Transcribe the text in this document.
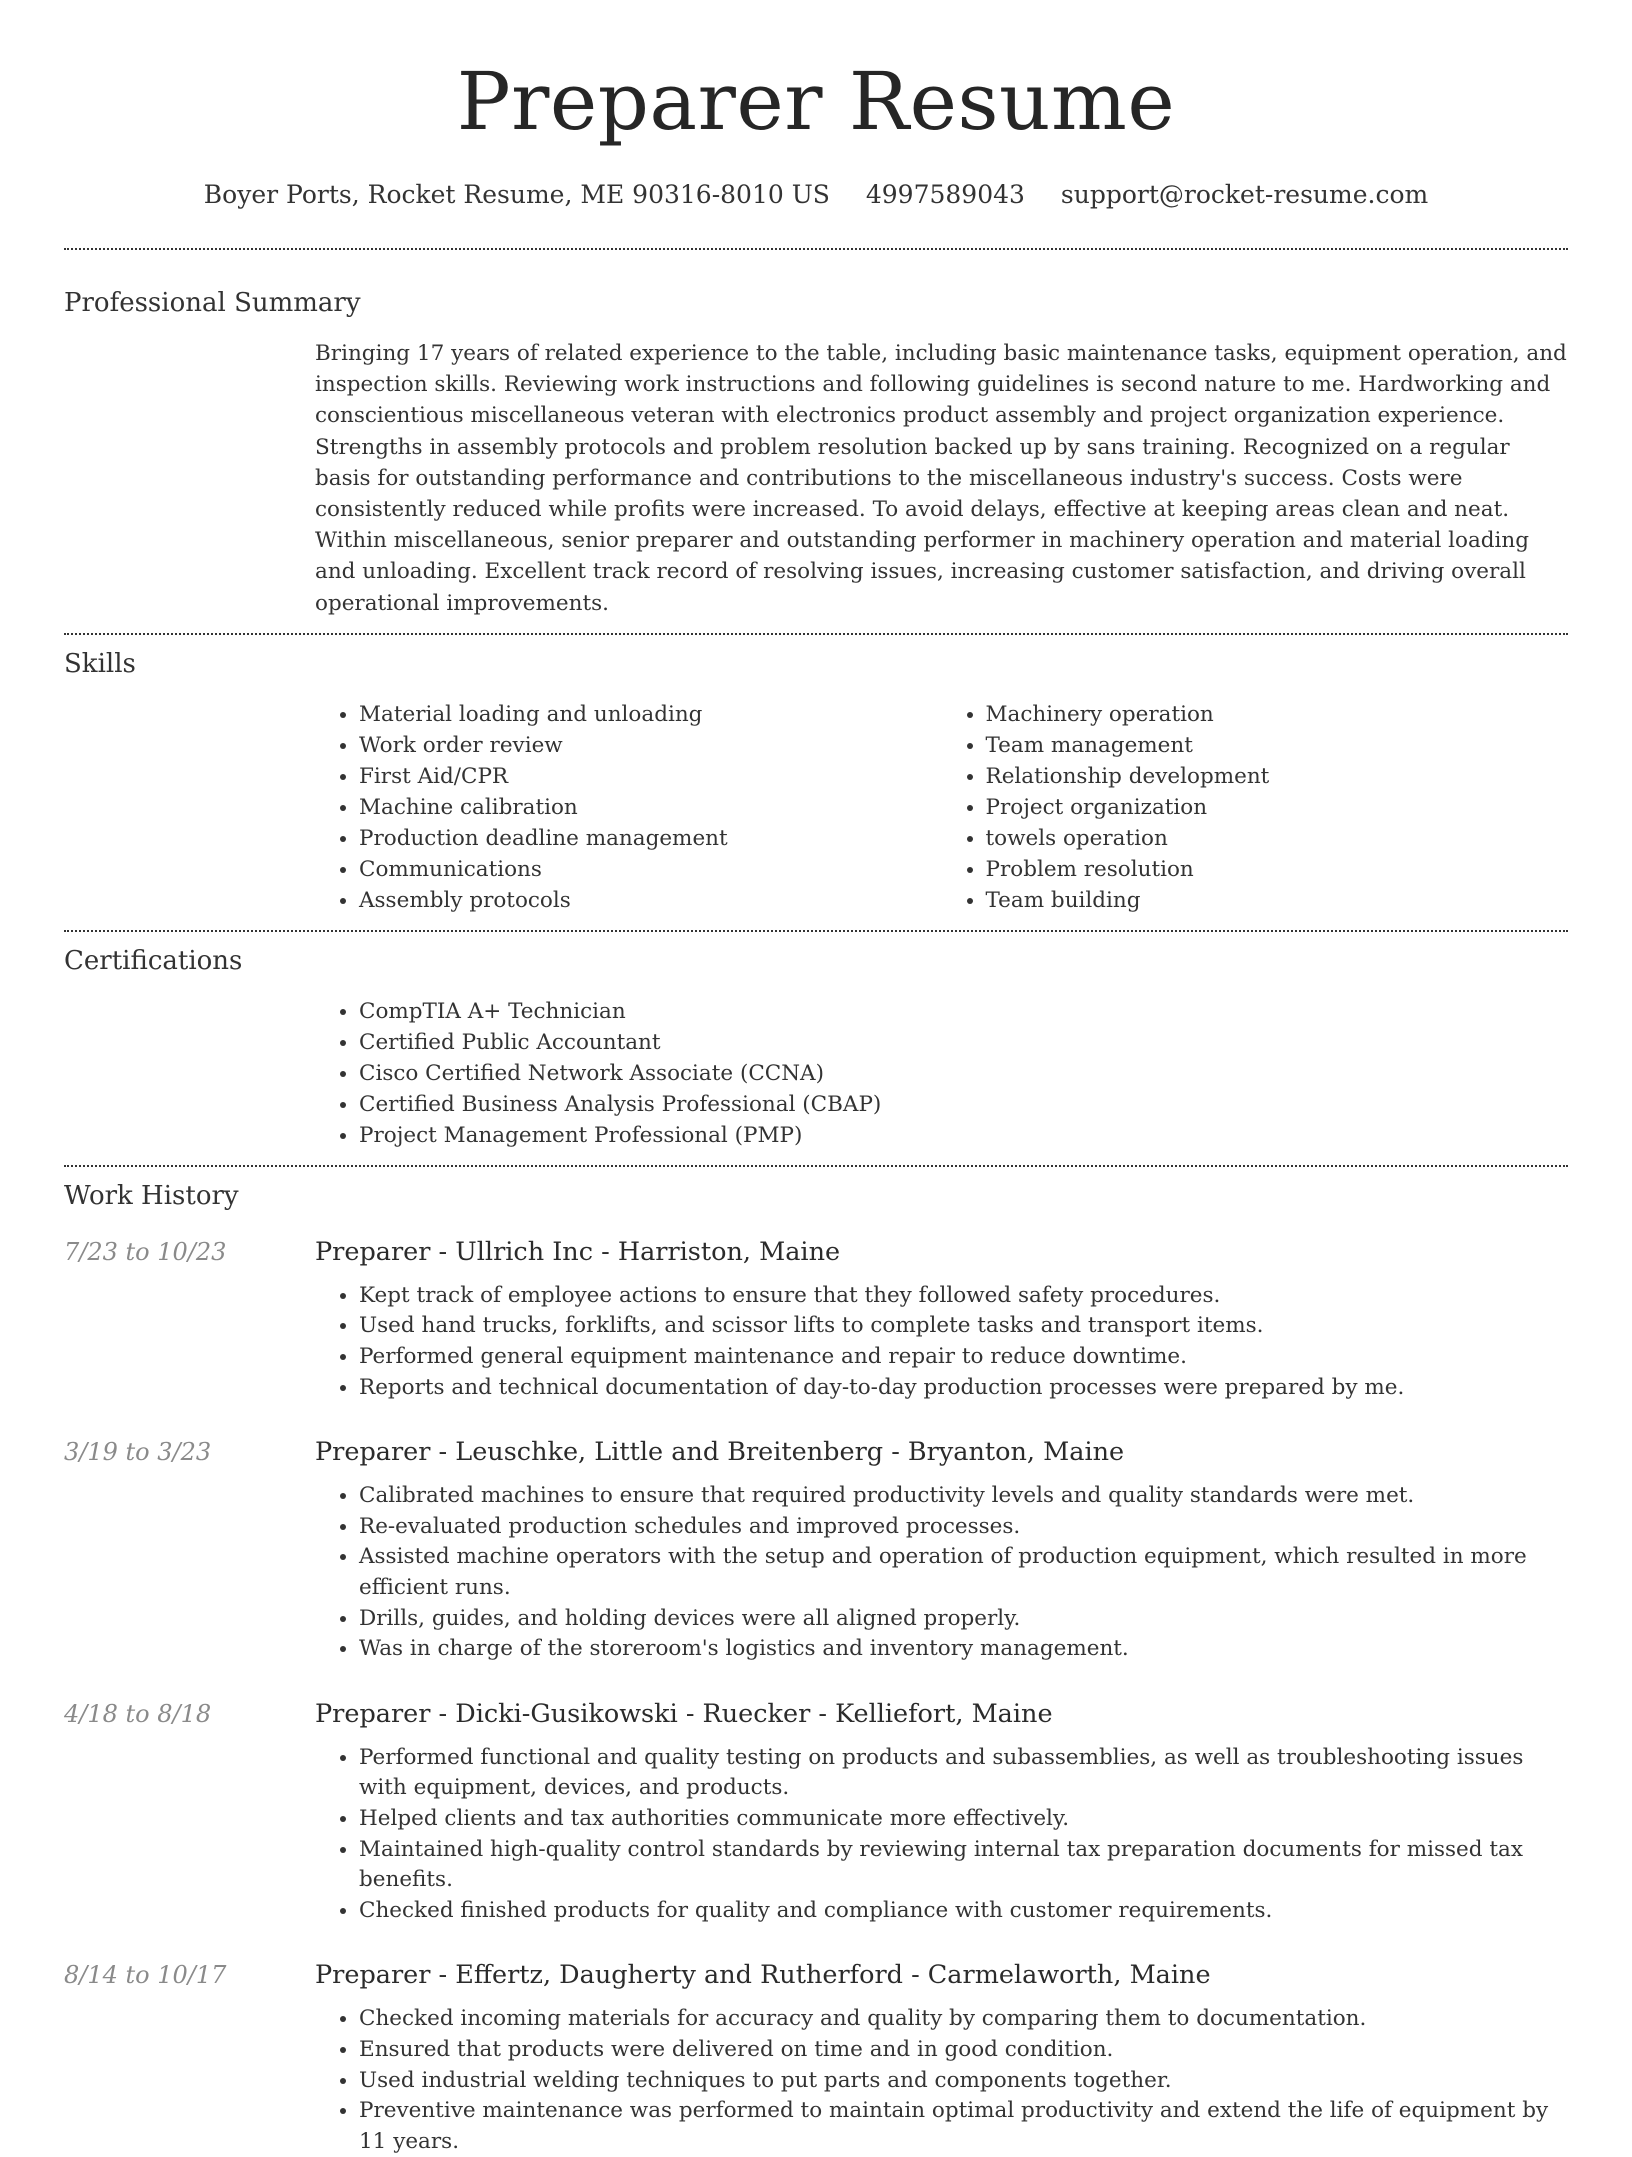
Preparer Resume
Boyer Ports, Rocket Resume, ME 90316-8010 US 4997589043 support@rocket-resume.com
Professional Summary

Bringing 17 years of related experience to the table, including basic maintenance tasks, equipment operation, and inspection skills. Reviewing work instructions and following guidelines is second nature to me. Hardworking and conscientious miscellaneous veteran with electronics product assembly and project organization experience. Strengths in assembly protocols and problem resolution backed up by sans training. Recognized on a regular basis for outstanding performance and contributions to the miscellaneous industry's success. Costs were consistently reduced while profits were increased. To avoid delays, effective at keeping areas clean and neat. Within miscellaneous, senior preparer and outstanding performer in machinery operation and material loading and unloading. Excellent track record of resolving issues, increasing customer satisfaction, and driving overall operational improvements.

Skills
• Material loading and unloading
• Work order review
• First Aid/CPR
• Machine calibration
• Production deadline management
• Communications
• Assembly protocols
• Machinery operation
• Team management
• Relationship development
• Project organization
• towels operation
• Problem resolution
• Team building
Certifications
• CompTIA A+ Technician
• Certified Public Accountant
• Cisco Certified Network Associate (CCNA)
• Certified Business Analysis Professional (CBAP)
• Project Management Professional (PMP)
Work History
7/23 to 10/23	Preparer - Ullrich Inc - Harriston, Maine
• Kept track of employee actions to ensure that they followed safety procedures.
• Used hand trucks, forklifts, and scissor lifts to complete tasks and transport items.
• Performed general equipment maintenance and repair to reduce downtime.
• Reports and technical documentation of day-to-day production processes were prepared by me.
3/19 to 3/23	Preparer - Leuschke, Little and Breitenberg - Bryanton, Maine
• Calibrated machines to ensure that required productivity levels and quality standards were met.
• Re-evaluated production schedules and improved processes.
• Assisted machine operators with the setup and operation of production equipment, which resulted in more efficient runs.
• Drills, guides, and holding devices were all aligned properly.
• Was in charge of the storeroom's logistics and inventory management.
4/18 to 8/18	Preparer - Dicki-Gusikowski - Ruecker - Kelliefort, Maine
• Performed functional and quality testing on products and subassemblies, as well as troubleshooting issues with equipment, devices, and products.
• Helped clients and tax authorities communicate more effectively.
• Maintained high-quality control standards by reviewing internal tax preparation documents for missed tax benefits.
• Checked finished products for quality and compliance with customer requirements.
8/14 to 10/17	Preparer - Effertz, Daugherty and Rutherford - Carmelaworth, Maine
• Checked incoming materials for accuracy and quality by comparing them to documentation.
• Ensured that products were delivered on time and in good condition.
• Used industrial welding techniques to put parts and components together.
• Preventive maintenance was performed to maintain optimal productivity and extend the life of equipment by 11 years.
